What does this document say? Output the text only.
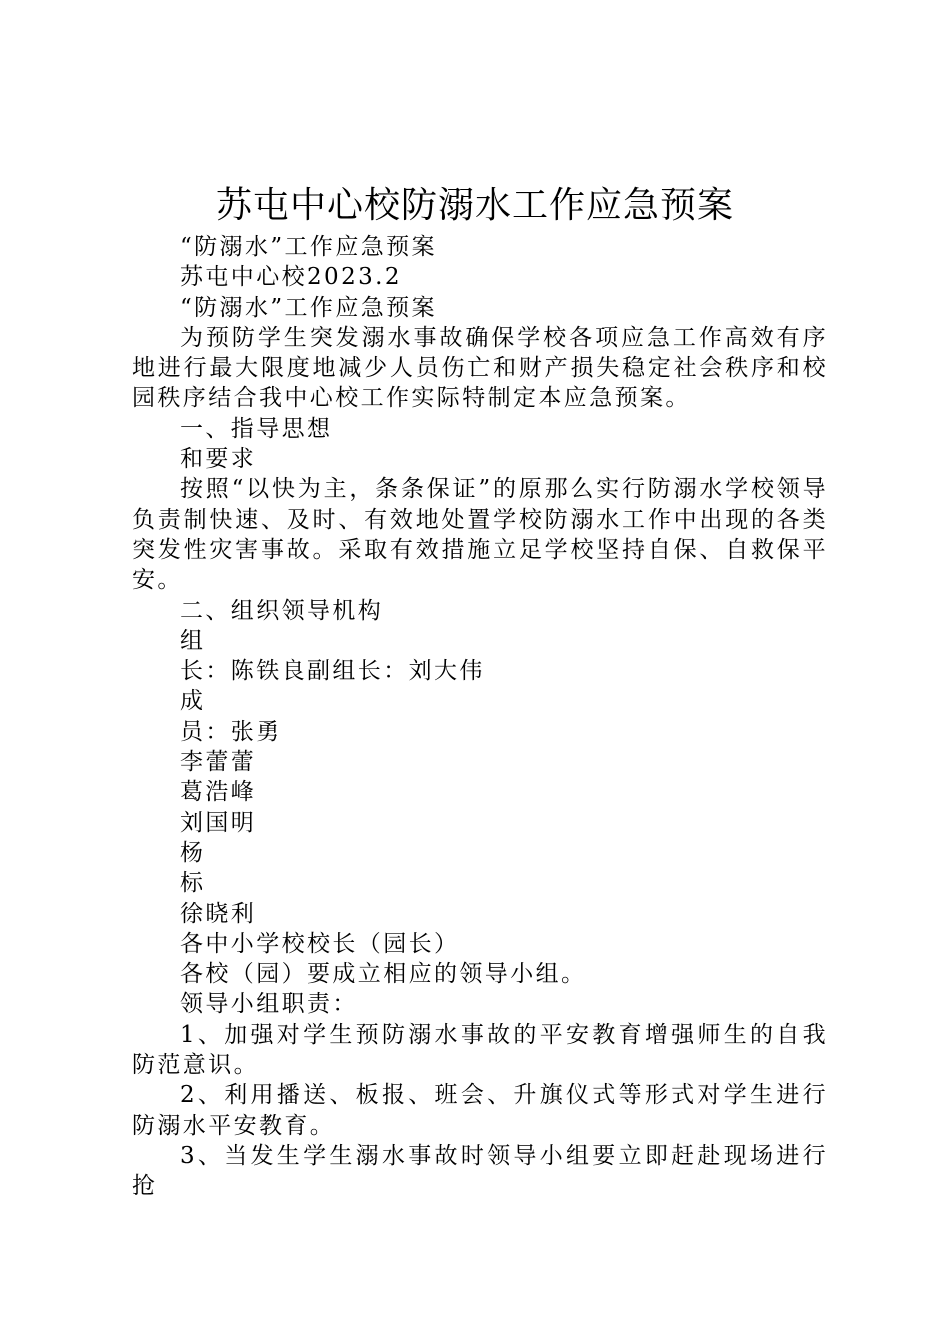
苏屯中心校防溺水工作应急预案

“防溺水”工作应急预案

苏屯中心校2023.2

“防溺水”工作应急预案

为预防学生突发溺水事故确保学校各项应急工作高效有序地进行最大限度地减少人员伤亡和财产损失稳定社会秩序和校园秩序结合我中心校工作实际特制定本应急预案。

一、指导思想

和要求

按照“以快为主，条条保证”的原那么实行防溺水学校领导负责制快速、及时、有效地处置学校防溺水工作中出现的各类突发性灾害事故。采取有效措施立足学校坚持自保、自救保平安。

二、组织领导机构

组

长：陈铁良副组长：刘大伟

成

员：张勇

李蕾蕾

葛浩峰

刘国明

杨

标

徐晓利

各中小学校校长（园长）

各校（园）要成立相应的领导小组。

领导小组职责：

1、加强对学生预防溺水事故的平安教育增强师生的自我防范意识。

2、利用播送、板报、班会、升旗仪式等形式对学生进行防溺水平安教育。

3、当发生学生溺水事故时领导小组要立即赶赴现场进行抢
